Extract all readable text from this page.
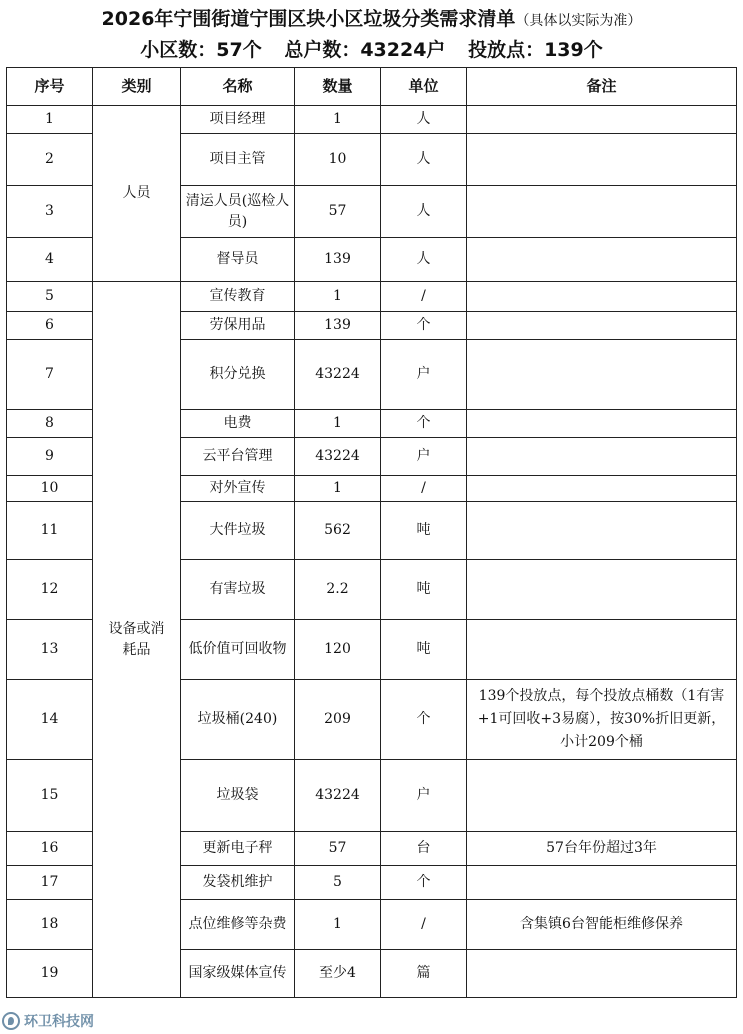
2026年宁围街道宁围区块小区垃圾分类需求清单（具体以实际为准）
小区数：57个 总户数：43224户 投放点：139个
序号	类别	名称	数量	单位	备注
1	人员	项目经理	1	人	
2		项目主管	10	人	
3		清运人员(巡检人员)	57	人	
4		督导员	139	人	
5	设备或消耗品	宣传教育	1	/	
6		劳保用品	139	个	
7		积分兑换	43224	户	
8		电费	1	个	
9		云平台管理	43224	户	
10		对外宣传	1	/	
11		大件垃圾	562	吨	
12		有害垃圾	2.2	吨	
13		低价值可回收物	120	吨	
14		垃圾桶(240)	209	个	139个投放点，每个投放点桶数（1有害+1可回收+3易腐），按30%折旧更新，小计209个桶
15		垃圾袋	43224	户	
16		更新电子秤	57	台	57台年份超过3年
17		发袋机维护	5	个	
18		点位维修等杂费	1	/	含集镇6台智能柜维修保养
19		国家级媒体宣传	至少4	篇	
环卫科技网
